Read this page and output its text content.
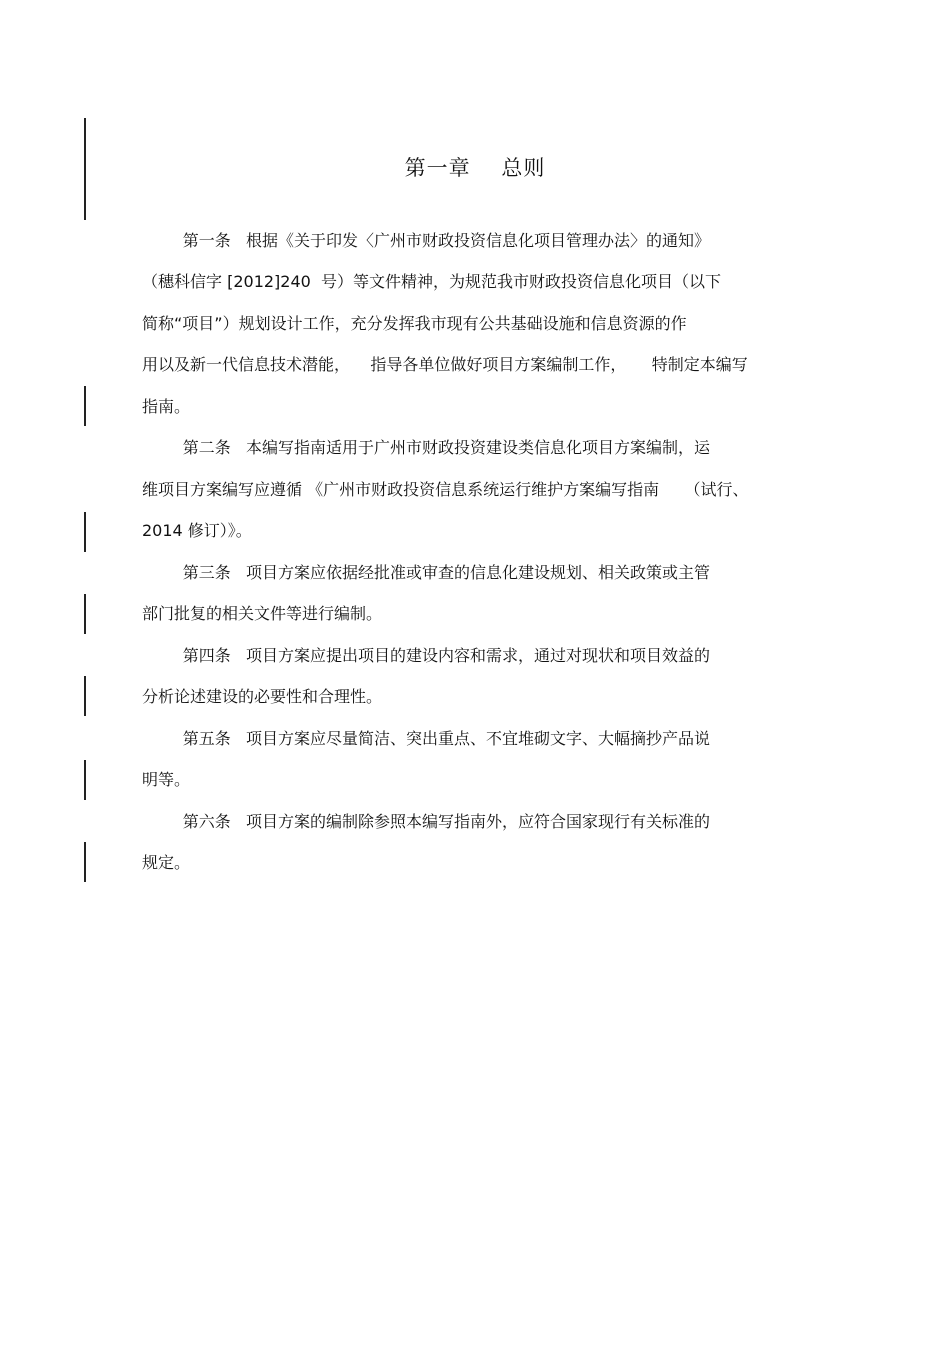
第一章    总则
第一条   根据《关于印发〈广州市财政投资信息化项目管理办法〉的通知》
（穗科信字 [2012]240  号）等文件精神，为规范我市财政投资信息化项目（以下
简称“项目”）规划设计工作，充分发挥我市现有公共基础设施和信息资源的作
用以及新一代信息技术潜能，    指导各单位做好项目方案编制工作，     特制定本编写
指南。
第二条   本编写指南适用于广州市财政投资建设类信息化项目方案编制，运
维项目方案编写应遵循 《广州市财政投资信息系统运行维护方案编写指南     （试行、
2014 修订）》。
第三条   项目方案应依据经批准或审查的信息化建设规划、相关政策或主管
部门批复的相关文件等进行编制。
第四条   项目方案应提出项目的建设内容和需求，通过对现状和项目效益的
分析论述建设的必要性和合理性。
第五条   项目方案应尽量简洁、突出重点、不宜堆砌文字、大幅摘抄产品说
明等。
第六条   项目方案的编制除参照本编写指南外，应符合国家现行有关标准的
规定。
